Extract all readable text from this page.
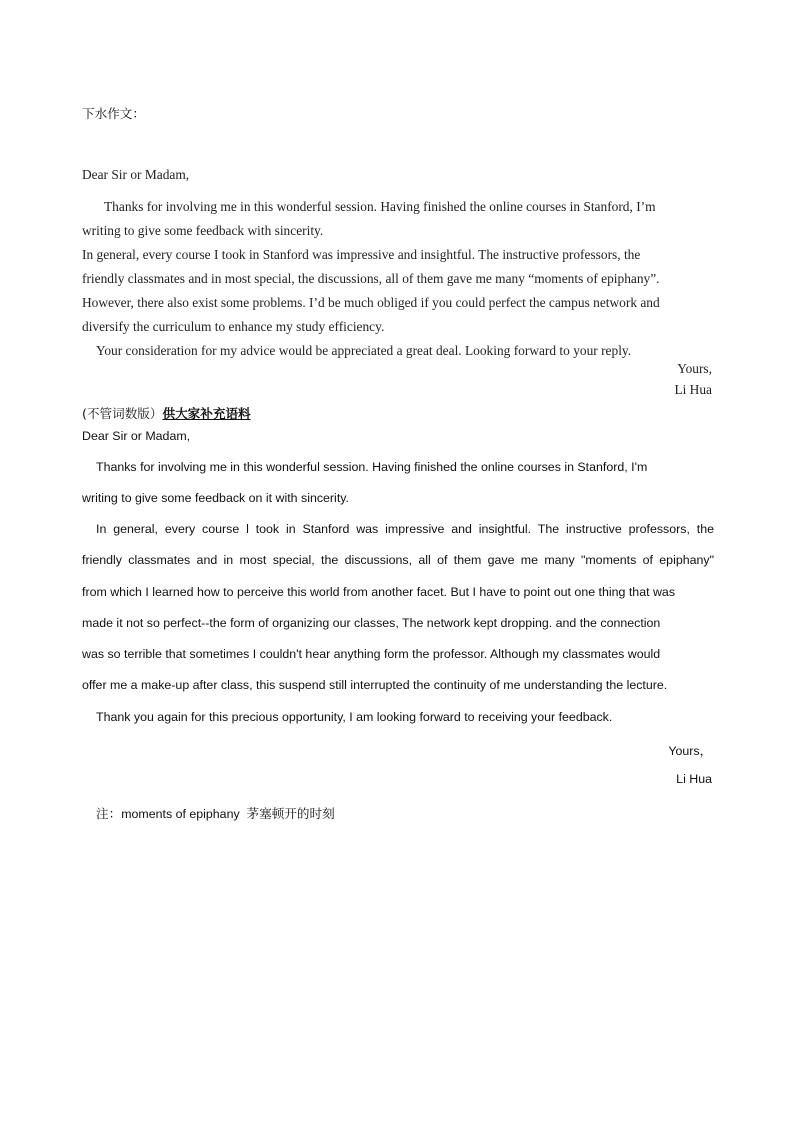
下水作文：
Dear Sir or Madam,
Thanks for involving me in this wonderful session. Having finished the online courses in Stanford, I’m
writing to give some feedback with sincerity.
In general, every course I took in Stanford was impressive and insightful. The instructive professors, the
friendly classmates and in most special, the discussions, all of them gave me many “moments of epiphany”.
However, there also exist some problems. I’d be much obliged if you could perfect the campus network and
diversify the curriculum to enhance my study efficiency.
Your consideration for my advice would be appreciated a great deal. Looking forward to your reply.
Yours,
Li Hua
(不管词数版）供大家补充语料
Dear Sir or Madam,
Thanks for involving me in this wonderful session. Having finished the online courses in Stanford, I'm
writing to give some feedback on it with sincerity.
In general, every course l took in Stanford was impressive and insightful. The instructive professors, the
friendly classmates and in most special, the discussions, all of them gave me many "moments of epiphany"
from which I learned how to perceive this world from another facet. But I have to point out one thing that was
made it not so perfect--the form of organizing our classes, The network kept dropping. and the connection
was so terrible that sometimes I couldn't hear anything form the professor. Although my classmates would
offer me a make-up after class, this suspend still interrupted the continuity of me understanding the lecture.
Thank you again for this precious opportunity, I am looking forward to receiving your feedback.
Yours，
Li Hua
注：moments of epiphany 茅塞顿开的时刻
